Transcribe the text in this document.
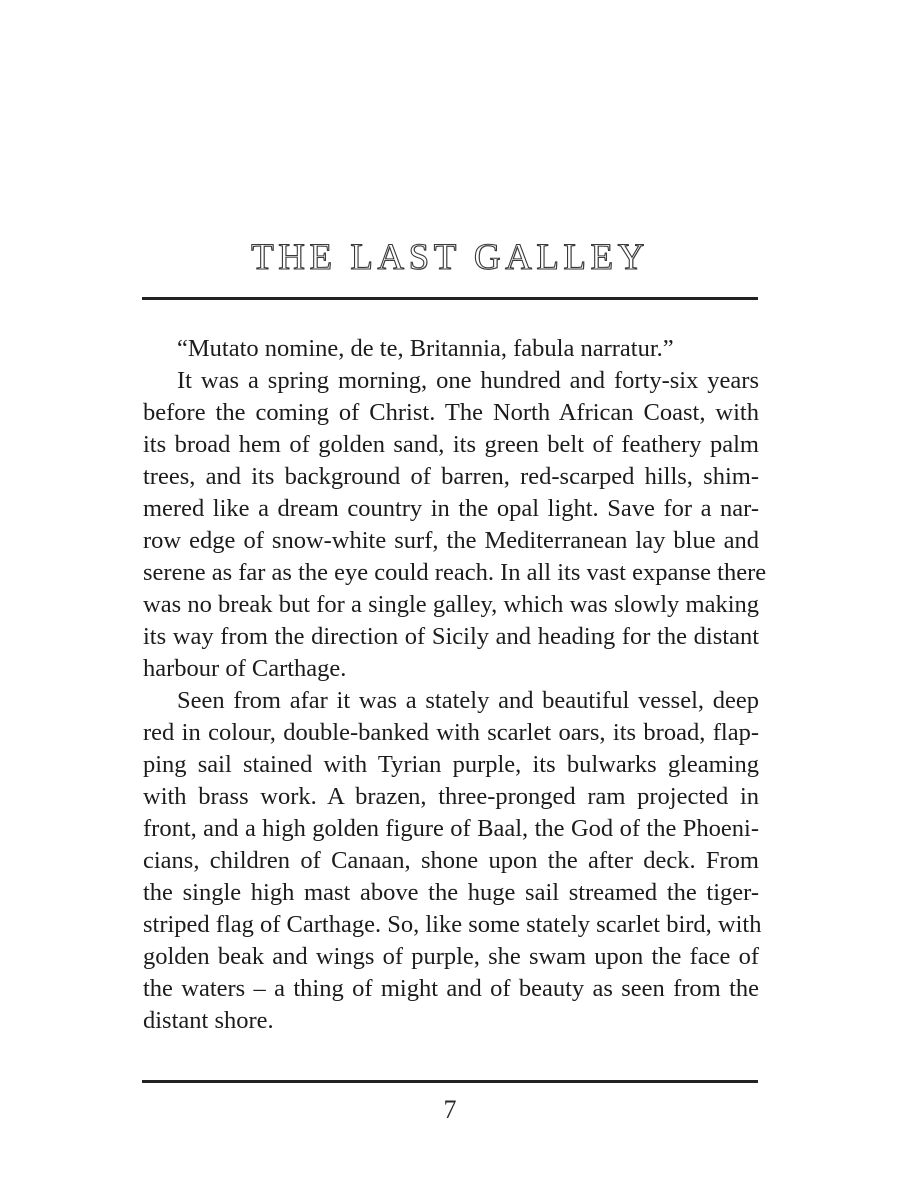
THE LAST GALLEY
“Mutato nomine, de te, Britannia, fabula narratur.”
It was a spring morning, one hundred and forty-six years
before the coming of Christ. The North African Coast, with
its broad hem of golden sand, its green belt of feathery palm
trees, and its background of barren, red-scarped hills, shim-
mered like a dream country in the opal light. Save for a nar-
row edge of snow-white surf, the Mediterranean lay blue and
serene as far as the eye could reach. In all its vast expanse there
was no break but for a single galley, which was slowly making
its way from the direction of Sicily and heading for the distant
harbour of Carthage.
Seen from afar it was a stately and beautiful vessel, deep
red in colour, double-banked with scarlet oars, its broad, flap-
ping sail stained with Tyrian purple, its bulwarks gleaming
with brass work. A brazen, three-pronged ram projected in
front, and a high golden figure of Baal, the God of the Phoeni-
cians, children of Canaan, shone upon the after deck. From
the single high mast above the huge sail streamed the tiger-
striped flag of Carthage. So, like some stately scarlet bird, with
golden beak and wings of purple, she swam upon the face of
the waters – a thing of might and of beauty as seen from the
distant shore.
7
